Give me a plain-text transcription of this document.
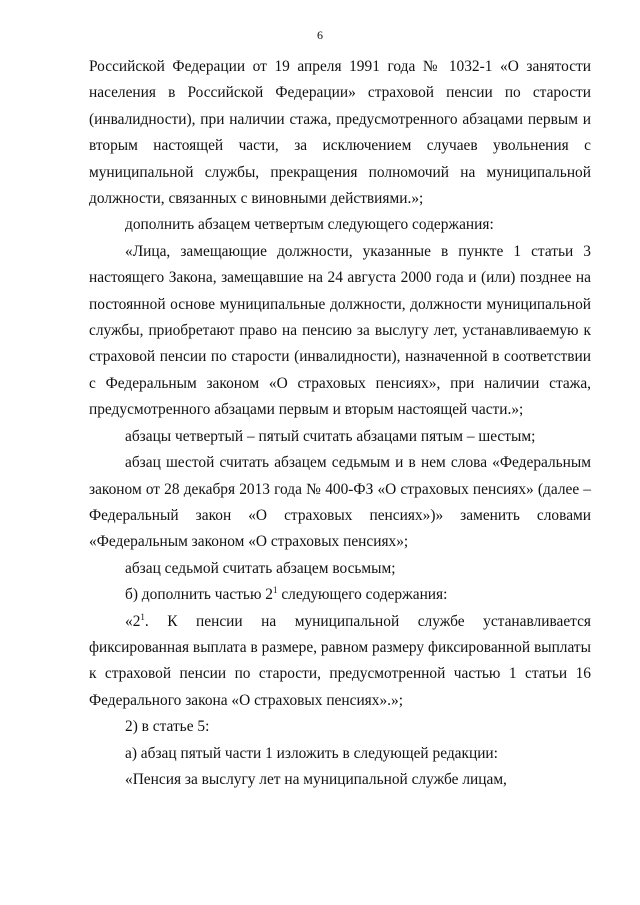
6

Российской Федерации от 19 апреля 1991 года № 1032-1 «О занятости населения в Российской Федерации» страховой пенсии по старости (инвалидности), при наличии стажа, предусмотренного абзацами первым и вторым настоящей части, за исключением случаев увольнения с муниципальной службы, прекращения полномочий на муниципальной должности, связанных с виновными действиями.»;

дополнить абзацем четвертым следующего содержания:

«Лица, замещающие должности, указанные в пункте 1 статьи 3 настоящего Закона, замещавшие на 24 августа 2000 года и (или) позднее на постоянной основе муниципальные должности, должности муниципальной службы, приобретают право на пенсию за выслугу лет, устанавливаемую к страховой пенсии по старости (инвалидности), назначенной в соответствии с Федеральным законом «О страховых пенсиях», при наличии стажа, предусмотренного абзацами первым и вторым настоящей части.»;

абзацы четвертый – пятый считать абзацами пятым – шестым;

абзац шестой считать абзацем седьмым и в нем слова «Федеральным законом от 28 декабря 2013 года № 400-ФЗ «О страховых пенсиях» (далее – Федеральный закон «О страховых пенсиях»)» заменить словами «Федеральным законом «О страховых пенсиях»;

абзац седьмой считать абзацем восьмым;

б) дополнить частью $2^1$ следующего содержания:

«$2^1$. К пенсии на муниципальной службе устанавливается фиксированная выплата в размере, равном размеру фиксированной выплаты к страховой пенсии по старости, предусмотренной частью 1 статьи 16 Федерального закона «О страховых пенсиях».»;

2) в статье 5:

а) абзац пятый части 1 изложить в следующей редакции:

«Пенсия за выслугу лет на муниципальной службе лицам,
